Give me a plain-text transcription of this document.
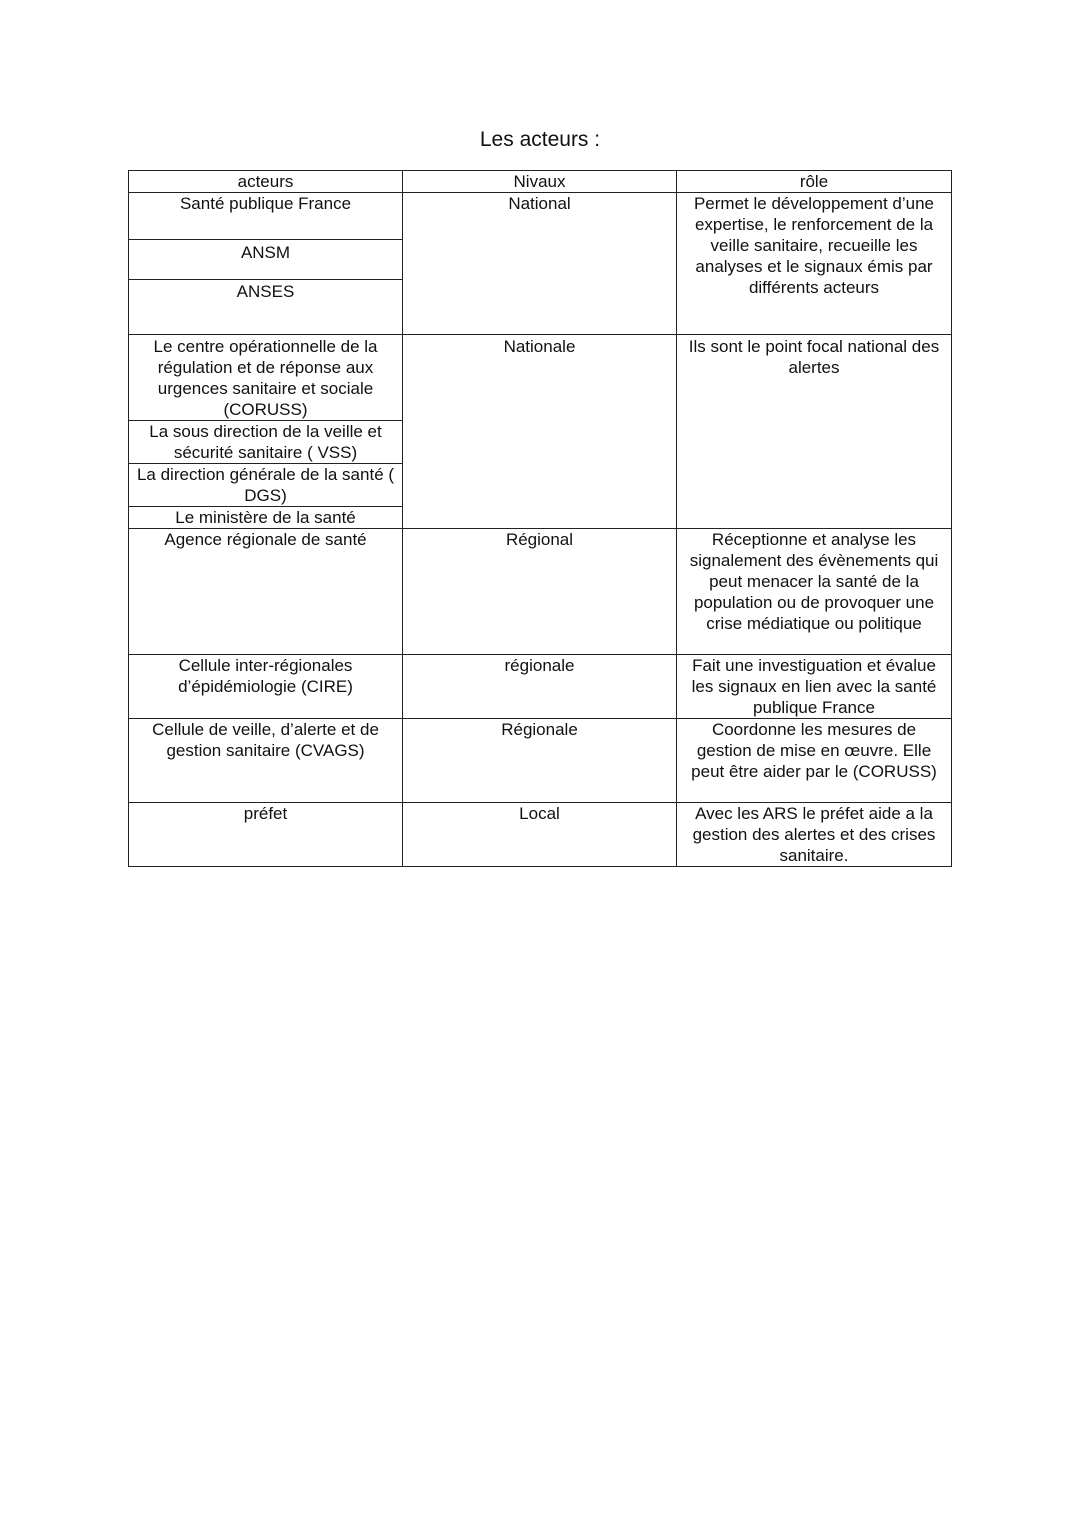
Les acteurs :
acteurs	Nivaux	rôle
Santé publique France	National	Permet le développement d’une expertise, le renforcement de la veille sanitaire, recueille les analyses et le signaux émis par différents acteurs
ANSM		
ANSES		
Le centre opérationnelle de la régulation et de réponse aux urgences sanitaire et sociale (CORUSS)	Nationale	Ils sont le point focal national des alertes
La sous direction de la veille et sécurité sanitaire ( VSS)		
La direction générale de la santé ( DGS)		
Le ministère de la santé		
Agence régionale de santé	Régional	Réceptionne et analyse les signalement des évènements qui peut menacer la santé de la population ou de provoquer une crise médiatique ou politique
Cellule inter-régionales d’épidémiologie (CIRE)	régionale	Fait une investiguation et évalue les signaux en lien avec la santé publique France
Cellule de veille, d’alerte et de gestion sanitaire (CVAGS)	Régionale	Coordonne les mesures de gestion de mise en œuvre. Elle peut être aider par le (CORUSS)
préfet	Local	Avec les ARS le préfet aide a la gestion des alertes et des crises sanitaire.
